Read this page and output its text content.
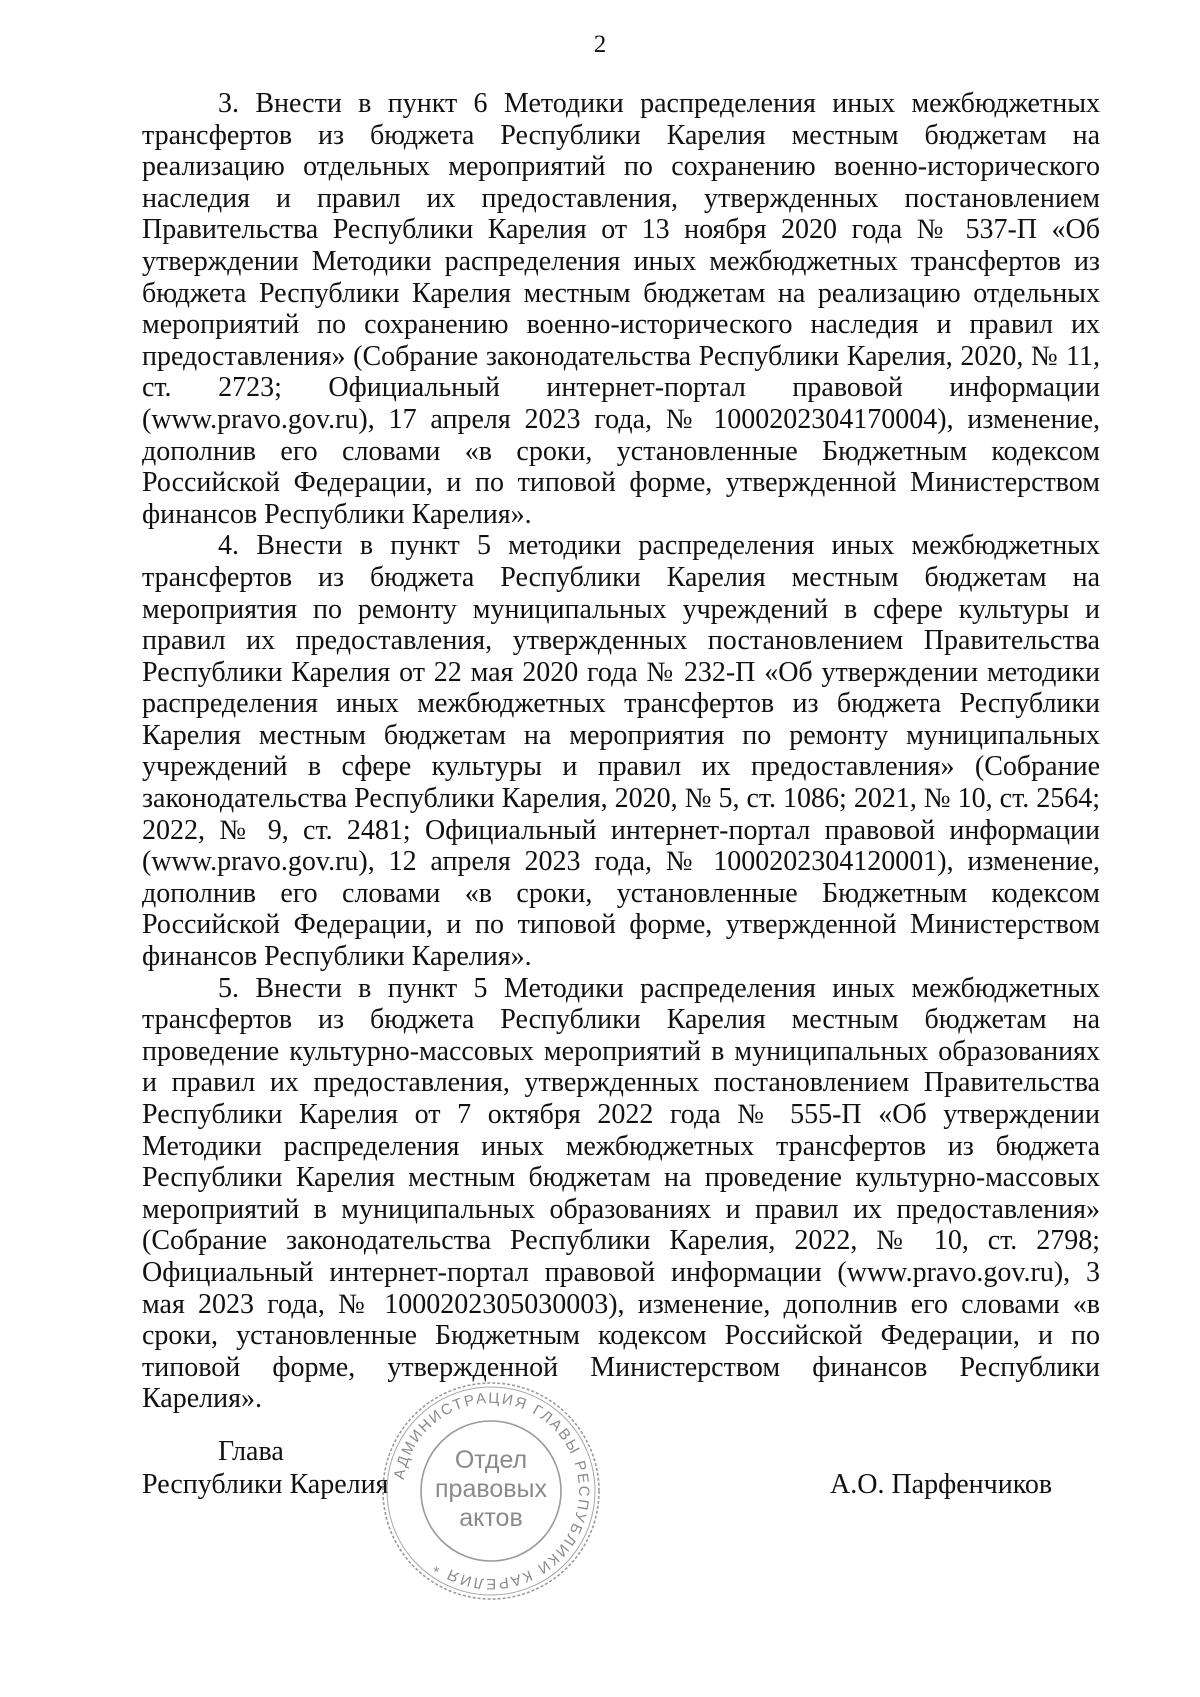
2

3. Внести в пункт 6 Методики распределения иных межбюджетных трансфертов из бюджета Республики Карелия местным бюджетам на реализацию отдельных мероприятий по сохранению военно-исторического наследия и правил их предоставления, утвержденных постановлением Правительства Республики Карелия от 13 ноября 2020 года № 537-П «Об утверждении Методики распределения иных межбюджетных трансфертов из бюджета Республики Карелия местным бюджетам на реализацию отдельных мероприятий по сохранению военно-исторического наследия и правил их предоставления» (Собрание законодательства Республики Карелия, 2020, № 11, ст. 2723; Официальный интернет-портал правовой информации (www.pravo.gov.ru), 17 апреля 2023 года, № 1000202304170004), изменение, дополнив его словами «в сроки, установленные Бюджетным кодексом Российской Федерации, и по типовой форме, утвержденной Министерством финансов Республики Карелия».

4. Внести в пункт 5 методики распределения иных межбюджетных трансфертов из бюджета Республики Карелия местным бюджетам на мероприятия по ремонту муниципальных учреждений в сфере культуры и правил их предоставления, утвержденных постановлением Правительства Республики Карелия от 22 мая 2020 года № 232-П «Об утверждении методики распределения иных межбюджетных трансфертов из бюджета Республики Карелия местным бюджетам на мероприятия по ремонту муниципальных учреждений в сфере культуры и правил их предоставления» (Собрание законодательства Республики Карелия, 2020, № 5, ст. 1086; 2021, № 10, ст. 2564; 2022, № 9, ст. 2481; Официальный интернет-портал правовой информации (www.pravo.gov.ru), 12 апреля 2023 года, № 1000202304120001), изменение, дополнив его словами «в сроки, установленные Бюджетным кодексом Российской Федерации, и по типовой форме, утвержденной Министерством финансов Республики Карелия».

5. Внести в пункт 5 Методики распределения иных межбюджетных трансфертов из бюджета Республики Карелия местным бюджетам на проведение культурно-массовых мероприятий в муниципальных образованиях и правил их предоставления, утвержденных постановлением Правительства Республики Карелия от 7 октября 2022 года № 555-П «Об утверждении Методики распределения иных межбюджетных трансфертов из бюджета Республики Карелия местным бюджетам на проведение культурно-массовых мероприятий в муниципальных образованиях и правил их предоставления» (Собрание законодательства Республики Карелия, 2022, № 10, ст. 2798; Официальный интернет-портал правовой информации (www.pravo.gov.ru), 3 мая 2023 года, № 1000202305030003), изменение, дополнив его словами «в сроки, установленные Бюджетным кодексом Российской Федерации, и по типовой форме, утвержденной Министерством финансов Республики Карелия».

Глава
Республики Карелия	А.О. Парфенчиков
АДМИНИСТРАЦИЯ ГЛАВЫ РЕСПУБЛИКИ КАРЕЛИЯ *
Отдел
правовых
актов
